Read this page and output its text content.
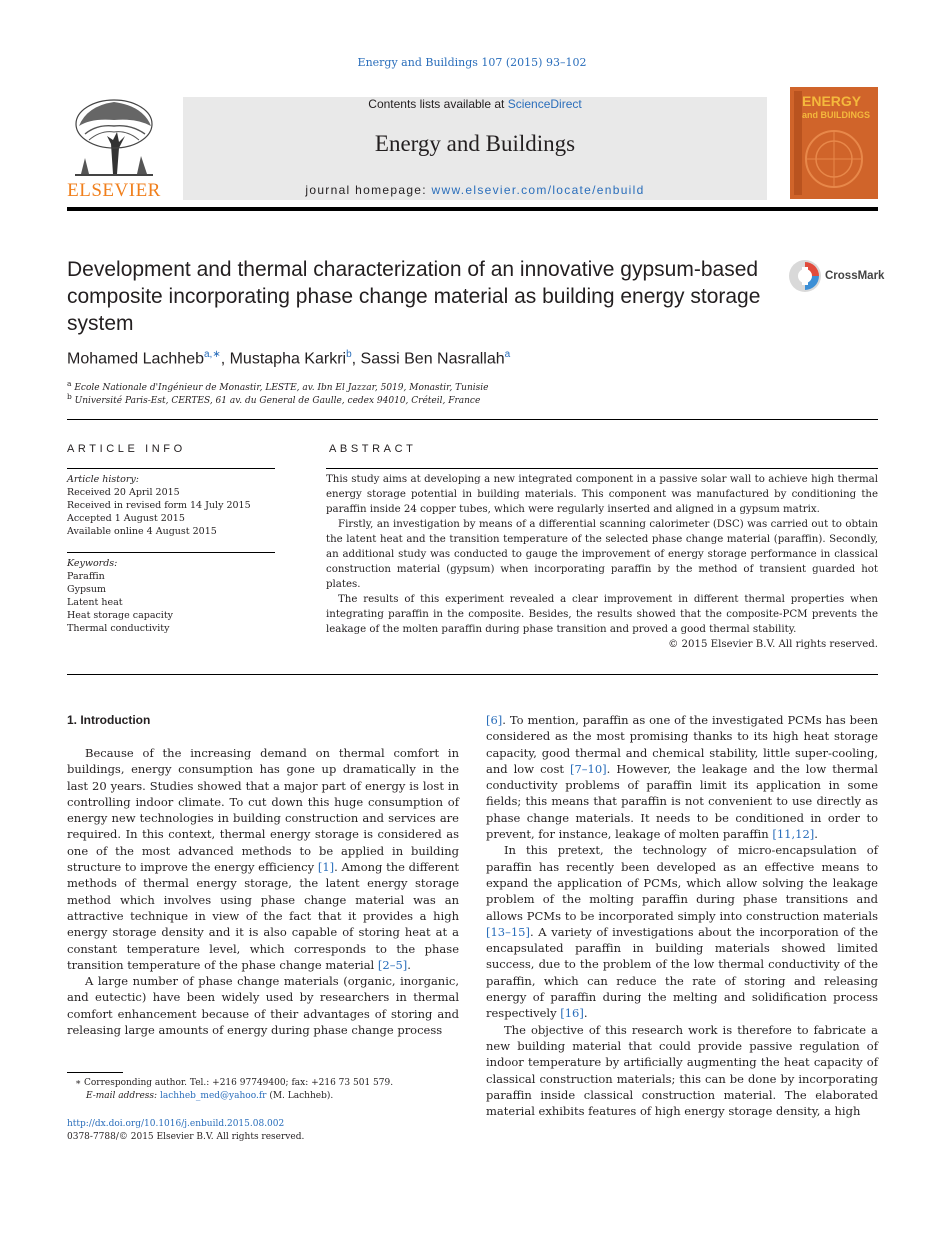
Energy and Buildings 107 (2015) 93–102
ELSEVIER
Contents lists available at ScienceDirect
Energy and Buildings
journal homepage: www.elsevier.com/locate/enbuild
ENERGY
and BUILDINGS
Development and thermal characterization of an innovative gypsum-based composite incorporating phase change material as building energy storage system
CrossMark
Mohamed Lachheb$^{a,∗}$, Mustapha Karkri$^b$, Sassi Ben Nasrallah$^a$
$^a$ Ecole Nationale d'Ingénieur de Monastir, LESTE, av. Ibn El Jazzar, 5019, Monastir, Tunisie
$^b$ Université Paris-Est, CERTES, 61 av. du General de Gaulle, cedex 94010, Créteil, France
ARTICLE INFO	ABSTRACT
Article history:
Received 20 April 2015
Received in revised form 14 July 2015
Accepted 1 August 2015
Available online 4 August 2015
Keywords:
Paraffin
Gypsum
Latent heat
Heat storage capacity
Thermal conductivity

This study aims at developing a new integrated component in a passive solar wall to achieve high thermal energy storage potential in building materials. This component was manufactured by conditioning the paraffin inside 24 copper tubes, which were regularly inserted and aligned in a gypsum matrix.

Firstly, an investigation by means of a differential scanning calorimeter (DSC) was carried out to obtain the latent heat and the transition temperature of the selected phase change material (paraffin). Secondly, an additional study was conducted to gauge the improvement of energy storage performance in classical construction material (gypsum) when incorporating paraffin by the method of transient guarded hot plates.

The results of this experiment revealed a clear improvement in different thermal properties when integrating paraffin in the composite. Besides, the results showed that the composite-PCM prevents the leakage of the molten paraffin during phase transition and proved a good thermal stability.

© 2015 Elsevier B.V. All rights reserved.

1. Introduction

Because of the increasing demand on thermal comfort in buildings, energy consumption has gone up dramatically in the last 20 years. Studies showed that a major part of energy is lost in controlling indoor climate. To cut down this huge consumption of energy new technologies in building construction and services are required. In this context, thermal energy storage is considered as one of the most advanced methods to be applied in building structure to improve the energy efficiency [1]. Among the different methods of thermal energy storage, the latent energy storage method which involves using phase change material was an attractive technique in view of the fact that it provides a high energy storage density and it is also capable of storing heat at a constant temperature level, which corresponds to the phase transition temperature of the phase change material [2–5].

A large number of phase change materials (organic, inorganic, and eutectic) have been widely used by researchers in thermal comfort enhancement because of their advantages of storing and releasing large amounts of energy during phase change process

[6]. To mention, paraffin as one of the investigated PCMs has been considered as the most promising thanks to its high heat storage capacity, good thermal and chemical stability, little super-cooling, and low cost [7–10]. However, the leakage and the low thermal conductivity problems of paraffin limit its application in some fields; this means that paraffin is not convenient to use directly as phase change materials. It needs to be conditioned in order to prevent, for instance, leakage of molten paraffin [11,12].

In this pretext, the technology of micro-encapsulation of paraffin has recently been developed as an effective means to expand the application of PCMs, which allow solving the leakage problem of the molting paraffin during phase transitions and allows PCMs to be incorporated simply into construction materials [13–15]. A variety of investigations about the incorporation of the encapsulated paraffin in building materials showed limited success, due to the problem of the low thermal conductivity of the paraffin, which can reduce the rate of storing and releasing energy of paraffin during the melting and solidification process respectively [16].

The objective of this research work is therefore to fabricate a new building material that could provide passive regulation of indoor temperature by artificially augmenting the heat capacity of classical construction materials; this can be done by incorporating paraffin inside classical construction material. The elaborated material exhibits features of high energy storage density, a high

∗ Corresponding author. Tel.: +216 97749400; fax: +216 73 501 579.
E-mail address: lachheb_med@yahoo.fr (M. Lachheb).
http://dx.doi.org/10.1016/j.enbuild.2015.08.002
0378-7788/© 2015 Elsevier B.V. All rights reserved.
